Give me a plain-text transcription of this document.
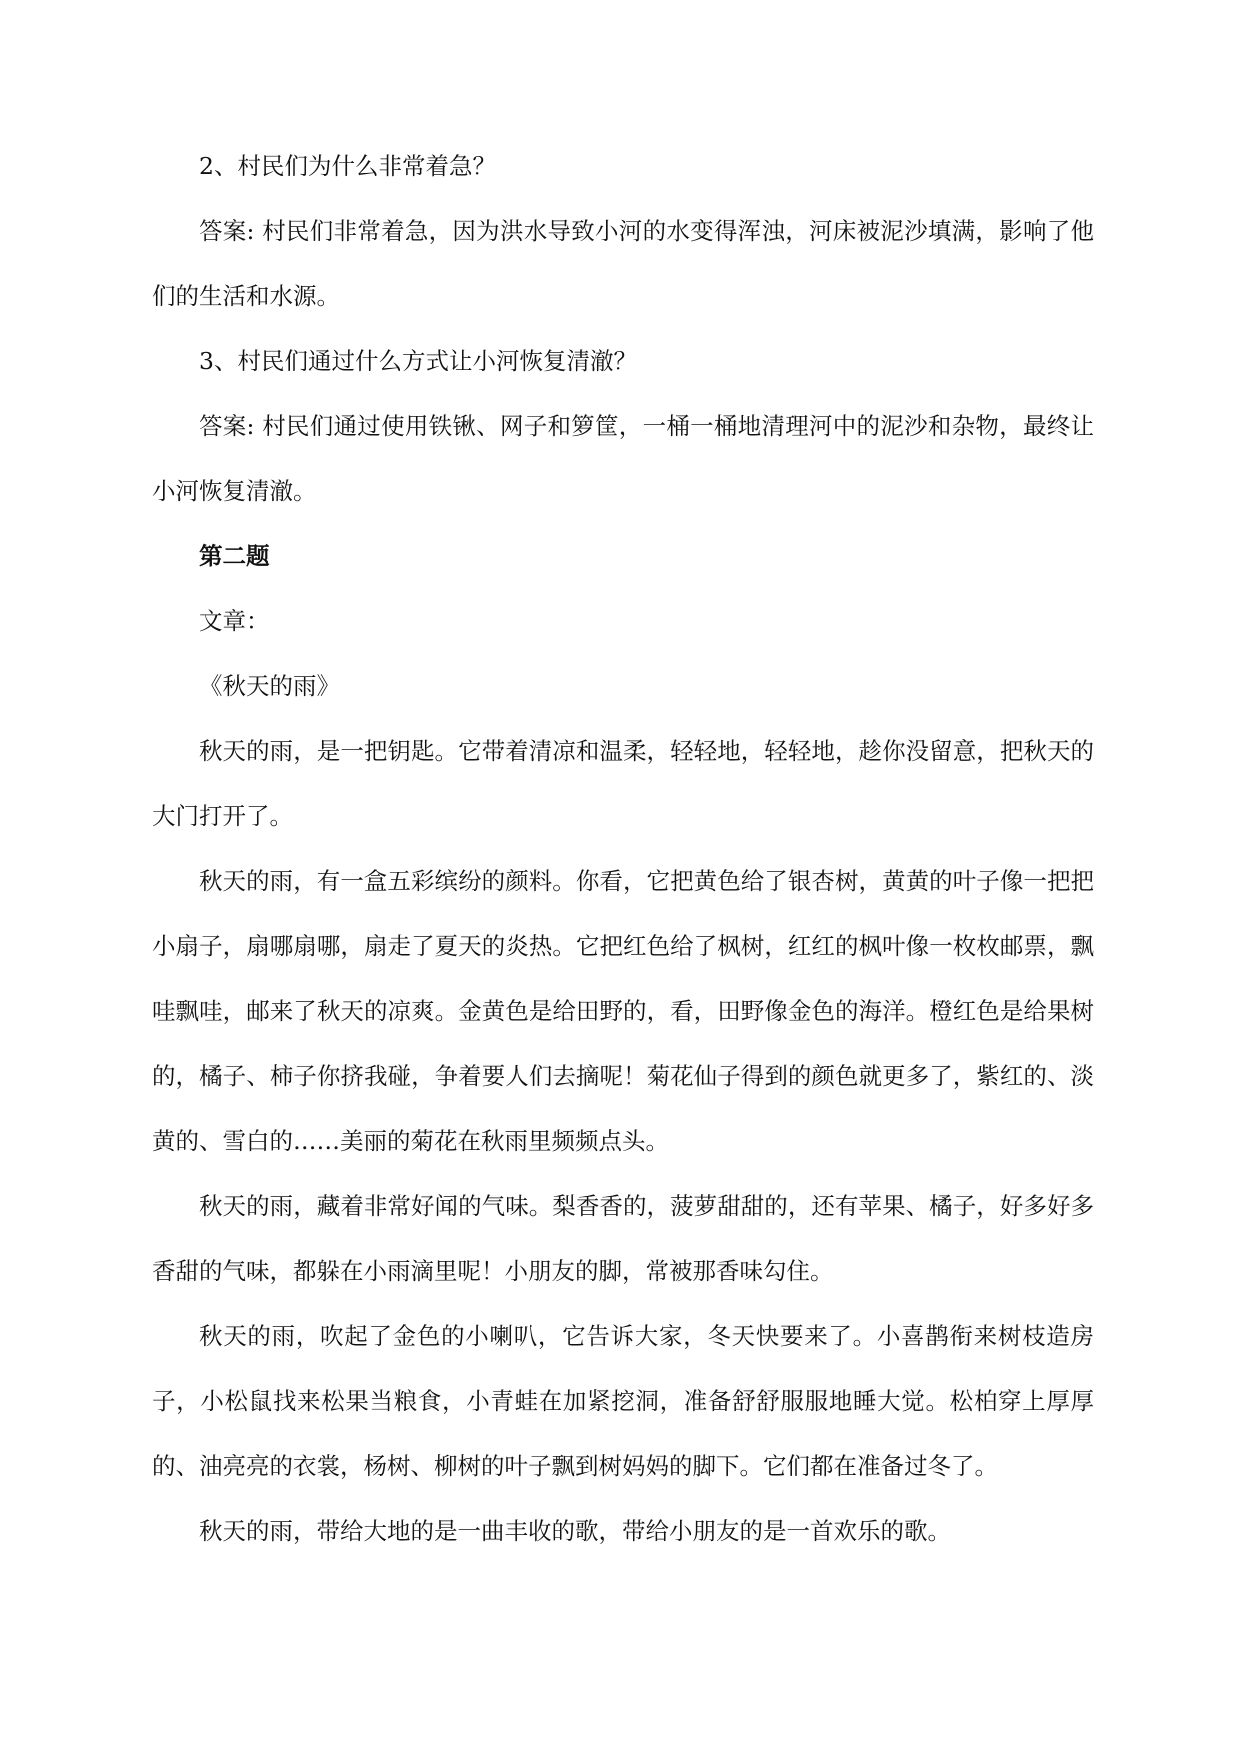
2、村民们为什么非常着急？

答案: 村民们非常着急，因为洪水导致小河的水变得浑浊，河床被泥沙填满，影响了他们的生活和水源。

3、村民们通过什么方式让小河恢复清澈？

答案: 村民们通过使用铁锹、网子和箩筐，一桶一桶地清理河中的泥沙和杂物，最终让小河恢复清澈。

第二题

文章：

《秋天的雨》

秋天的雨，是一把钥匙。它带着清凉和温柔，轻轻地，轻轻地，趁你没留意，把秋天的大门打开了。

秋天的雨，有一盒五彩缤纷的颜料。你看，它把黄色给了银杏树，黄黄的叶子像一把把小扇子，扇哪扇哪，扇走了夏天的炎热。它把红色给了枫树，红红的枫叶像一枚枚邮票，飘哇飘哇，邮来了秋天的凉爽。金黄色是给田野的，看，田野像金色的海洋。橙红色是给果树的，橘子、柿子你挤我碰，争着要人们去摘呢！菊花仙子得到的颜色就更多了，紫红的、淡黄的、雪白的……美丽的菊花在秋雨里频频点头。

秋天的雨，藏着非常好闻的气味。梨香香的，菠萝甜甜的，还有苹果、橘子，好多好多香甜的气味，都躲在小雨滴里呢！小朋友的脚，常被那香味勾住。

秋天的雨，吹起了金色的小喇叭，它告诉大家，冬天快要来了。小喜鹊衔来树枝造房子，小松鼠找来松果当粮食，小青蛙在加紧挖洞，准备舒舒服服地睡大觉。松柏穿上厚厚的、油亮亮的衣裳，杨树、柳树的叶子飘到树妈妈的脚下。它们都在准备过冬了。

秋天的雨，带给大地的是一曲丰收的歌，带给小朋友的是一首欢乐的歌。
